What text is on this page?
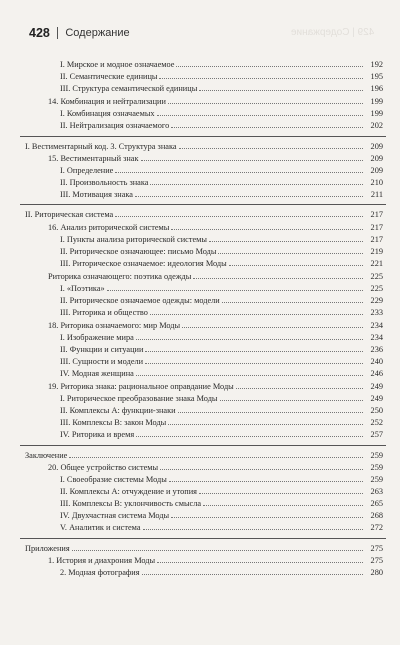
428 Содержание	429 | Содержание
I. Мирское и модное означаемое	192
II. Семантические единицы	195
III. Структура семантической единицы	196
14. Комбинация и нейтрализации	199
I. Комбинация означаемых	199
II. Нейтрализация означаемого	202
I. Вестиментарный код. 3. Структура знака	209
15. Вестиментарный знак	209
I. Определение	209
II. Произвольность знака	210
III. Мотивация знака	211
II. Риторическая система	217
16. Анализ риторической системы	217
I. Пункты анализа риторической системы	217
II. Риторическое означающее: письмо Моды	219
III. Риторическое означаемое: идеология Моды	221
Риторика означающего: поэтика одежды	225
I. «Поэтика»	225
II. Риторическое означаемое одежды: модели	229
III. Риторика и общество	233
18. Риторика означаемого: мир Моды	234
I. Изображение мира	234
II. Функции и ситуации	236
III. Сущности и модели	240
IV. Модная женщина	246
19. Риторика знака: рациональное оправдание Моды	249
I. Риторическое преобразование знака Моды	249
II. Комплексы А: функции-знаки	250
III. Комплексы В: закон Моды	252
IV. Риторика и время	257
Заключение	259
20. Общее устройство системы	259
I. Своеобразие системы Моды	259
II. Комплексы А: отчуждение и утопия	263
III. Комплексы В: уклончивость смысла	265
IV. Двухчастная система Моды	268
V. Аналитик и система	272
Приложения	275
1. История и диахрония Моды	275
2. Модная фотография	280
